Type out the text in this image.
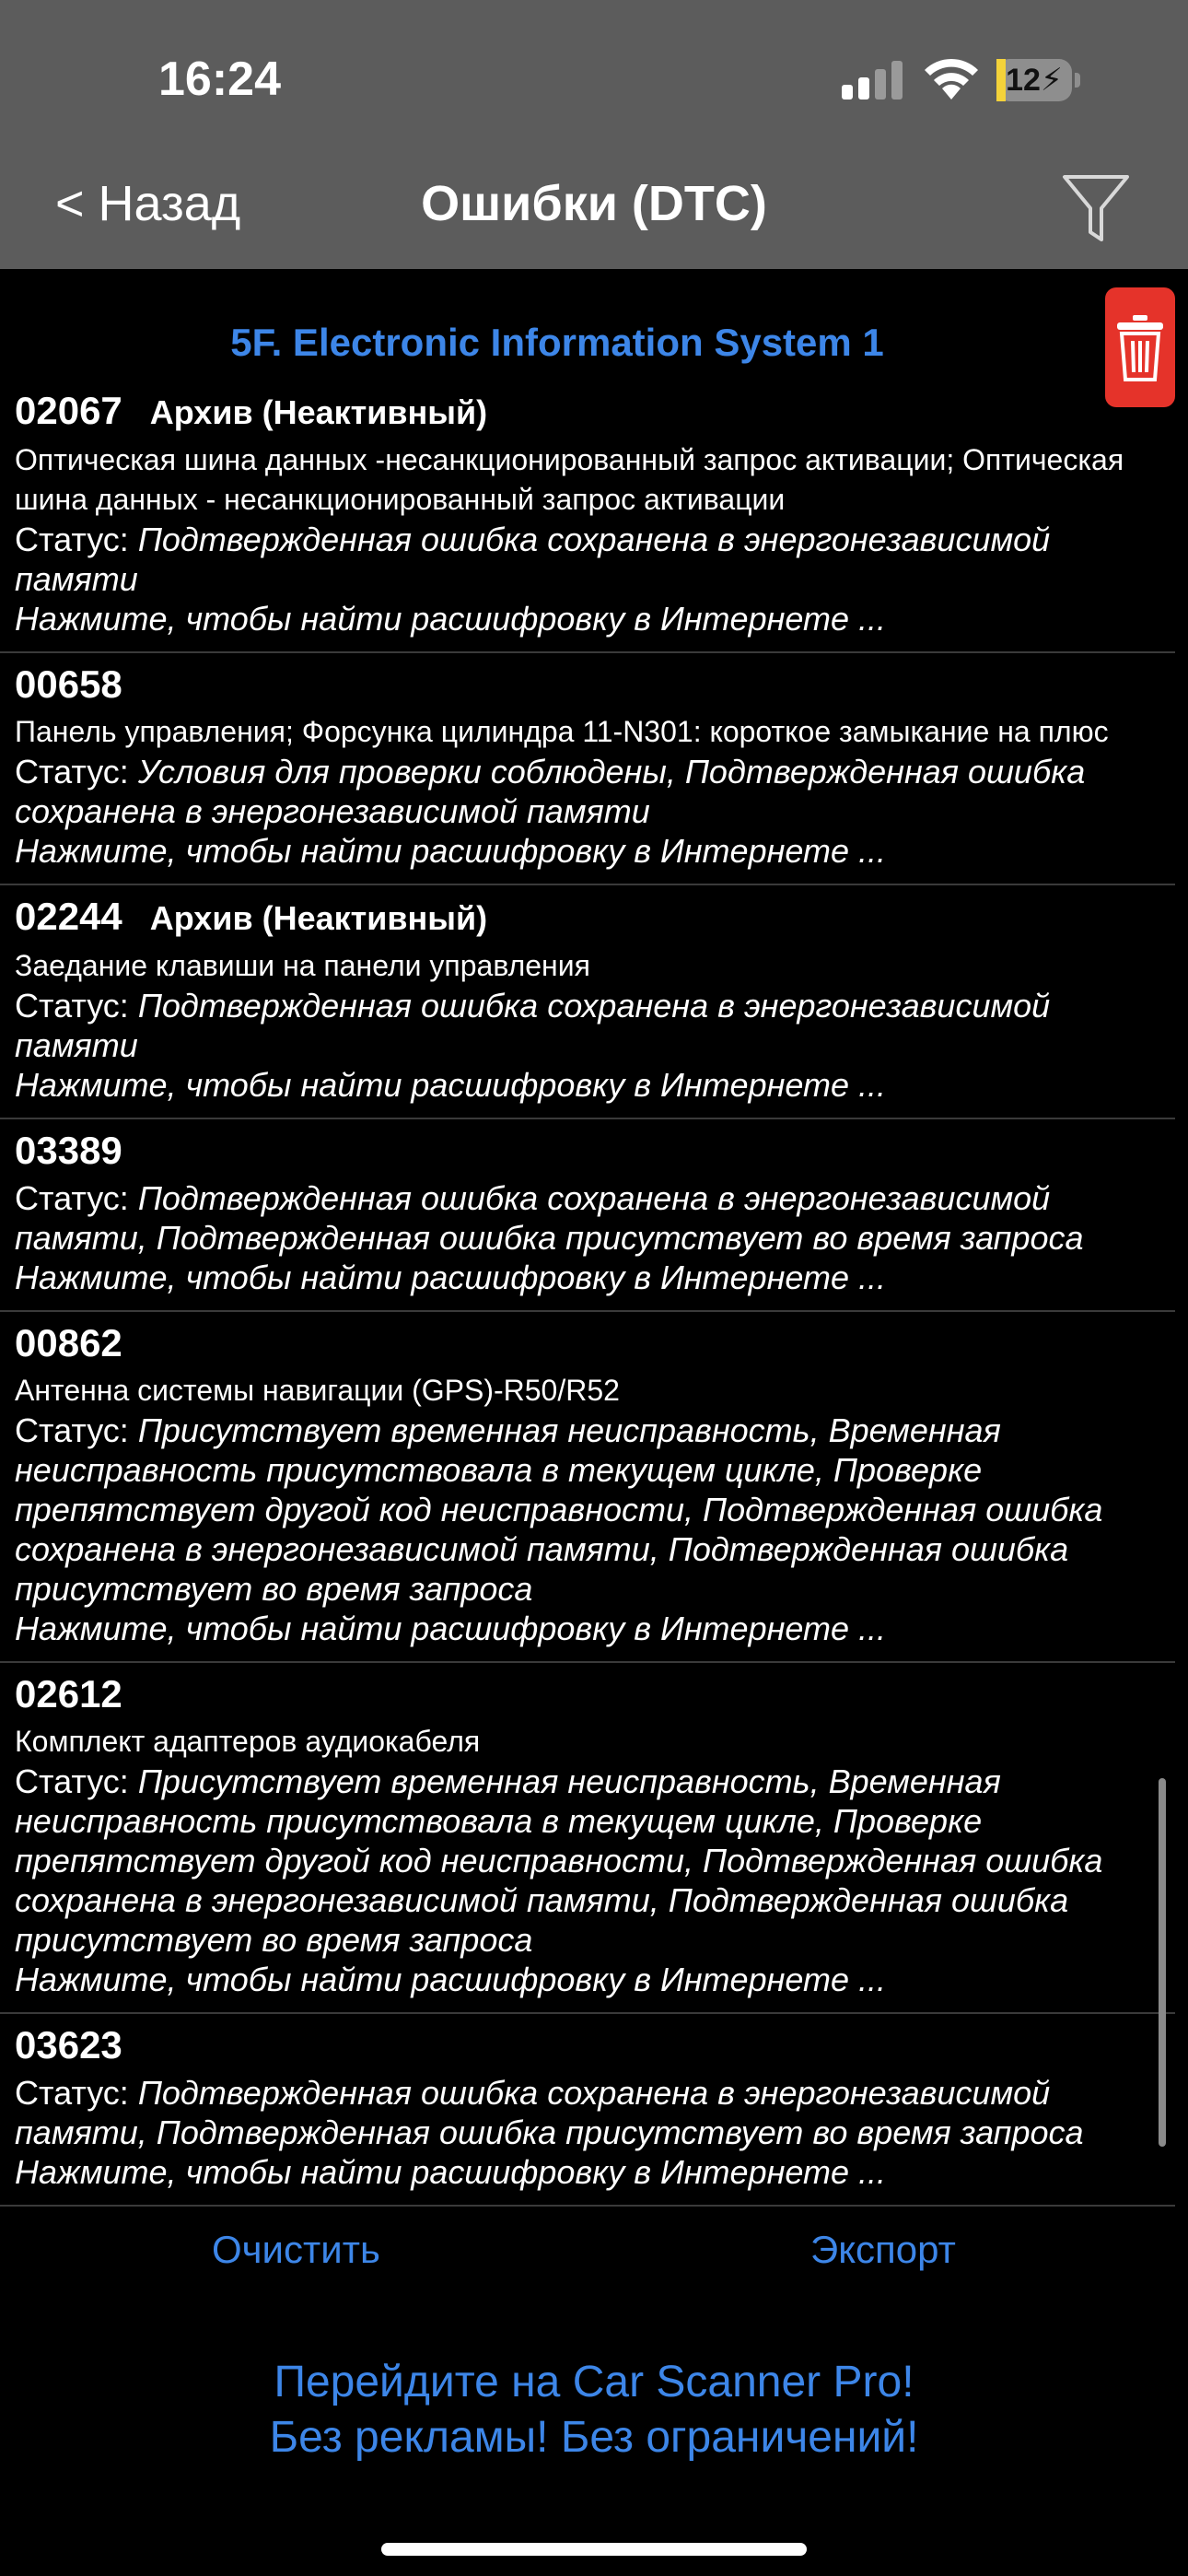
16:24	12⚡
< Назад	Ошибки (DTC)
5F. Electronic Information System 1
02067 Архив (Неактивный)
Оптическая шина данных -несанкционированный запрос активации; Оптическая шина данных - несанкционированный запрос активации
Статус: Подтвержденная ошибка сохранена в энергонезависимой памяти
Нажмите, чтобы найти расшифровку в Интернете ...
00658
Панель управления; Форсунка цилиндра 11-N301: короткое замыкание на плюс
Статус: Условия для проверки соблюдены, Подтвержденная ошибка сохранена в энергонезависимой памяти
Нажмите, чтобы найти расшифровку в Интернете ...
02244 Архив (Неактивный)
Заедание клавиши на панели управления
Статус: Подтвержденная ошибка сохранена в энергонезависимой памяти
Нажмите, чтобы найти расшифровку в Интернете ...
03389
Статус: Подтвержденная ошибка сохранена в энергонезависимой памяти, Подтвержденная ошибка присутствует во время запроса
Нажмите, чтобы найти расшифровку в Интернете ...
00862
Антенна системы навигации (GPS)-R50/R52
Статус: Присутствует временная неисправность, Временная неисправность присутствовала в текущем цикле, Проверке препятствует другой код неисправности, Подтвержденная ошибка сохранена в энергонезависимой памяти, Подтвержденная ошибка присутствует во время запроса
Нажмите, чтобы найти расшифровку в Интернете ...
02612
Комплект адаптеров аудиокабеля
Статус: Присутствует временная неисправность, Временная неисправность присутствовала в текущем цикле, Проверке препятствует другой код неисправности, Подтвержденная ошибка сохранена в энергонезависимой памяти, Подтвержденная ошибка присутствует во время запроса
Нажмите, чтобы найти расшифровку в Интернете ...
03623
Статус: Подтвержденная ошибка сохранена в энергонезависимой памяти, Подтвержденная ошибка присутствует во время запроса
Нажмите, чтобы найти расшифровку в Интернете ...
Очистить	Экспорт
Перейдите на Car Scanner Pro!
Без рекламы! Без ограничений!
